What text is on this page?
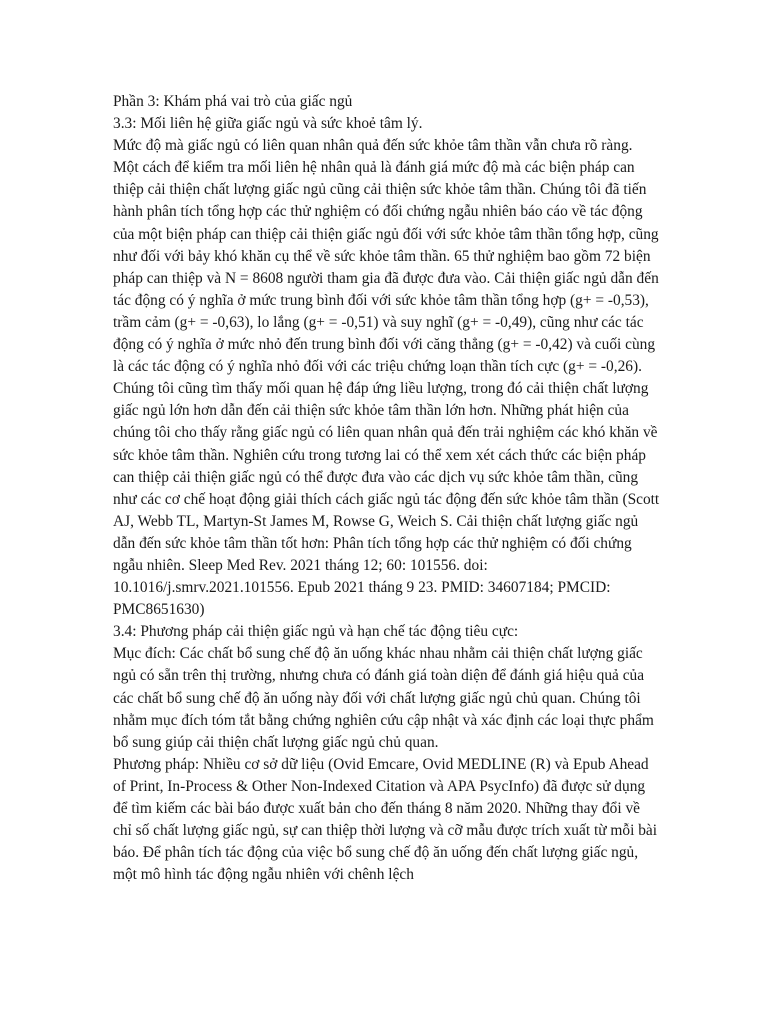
Phần 3: Khám phá vai trò của giấc ngủ

3.3: Mối liên hệ giữa giấc ngủ và sức khoẻ tâm lý.

Mức độ mà giấc ngủ có liên quan nhân quả đến sức khỏe tâm thần vẫn chưa rõ ràng. Một cách để kiểm tra mối liên hệ nhân quả là đánh giá mức độ mà các biện pháp can thiệp cải thiện chất lượng giấc ngủ cũng cải thiện sức khỏe tâm thần. Chúng tôi đã tiến hành phân tích tổng hợp các thử nghiệm có đối chứng ngẫu nhiên báo cáo về tác động của một biện pháp can thiệp cải thiện giấc ngủ đối với sức khỏe tâm thần tổng hợp, cũng như đối với bảy khó khăn cụ thể về sức khỏe tâm thần. 65 thử nghiệm bao gồm 72 biện pháp can thiệp và N = 8608 người tham gia đã được đưa vào. Cải thiện giấc ngủ dẫn đến tác động có ý nghĩa ở mức trung bình đối với sức khỏe tâm thần tổng hợp (g+ = -0,53), trầm cảm (g+ = -0,63), lo lắng (g+ = -0,51) và suy nghĩ (g+ = -0,49), cũng như các tác động có ý nghĩa ở mức nhỏ đến trung bình đối với căng thẳng (g+ = -0,42) và cuối cùng là các tác động có ý nghĩa nhỏ đối với các triệu chứng loạn thần tích cực (g+ = -0,26). Chúng tôi cũng tìm thấy mối quan hệ đáp ứng liều lượng, trong đó cải thiện chất lượng giấc ngủ lớn hơn dẫn đến cải thiện sức khỏe tâm thần lớn hơn. Những phát hiện của chúng tôi cho thấy rằng giấc ngủ có liên quan nhân quả đến trải nghiệm các khó khăn về sức khỏe tâm thần. Nghiên cứu trong tương lai có thể xem xét cách thức các biện pháp can thiệp cải thiện giấc ngủ có thể được đưa vào các dịch vụ sức khỏe tâm thần, cũng như các cơ chế hoạt động giải thích cách giấc ngủ tác động đến sức khỏe tâm thần (Scott AJ, Webb TL, Martyn-St James M, Rowse G, Weich S. Cải thiện chất lượng giấc ngủ dẫn đến sức khỏe tâm thần tốt hơn: Phân tích tổng hợp các thử nghiệm có đối chứng ngẫu nhiên. Sleep Med Rev. 2021 tháng 12; 60: 101556. doi: 10.1016/j.smrv.2021.101556. Epub 2021 tháng 9 23. PMID: 34607184; PMCID: PMC8651630)

3.4: Phương pháp cải thiện giấc ngủ và hạn chế tác động tiêu cực:

Mục đích: Các chất bổ sung chế độ ăn uống khác nhau nhằm cải thiện chất lượng giấc ngủ có sẵn trên thị trường, nhưng chưa có đánh giá toàn diện để đánh giá hiệu quả của các chất bổ sung chế độ ăn uống này đối với chất lượng giấc ngủ chủ quan. Chúng tôi nhằm mục đích tóm tắt bằng chứng nghiên cứu cập nhật và xác định các loại thực phẩm bổ sung giúp cải thiện chất lượng giấc ngủ chủ quan.

Phương pháp: Nhiều cơ sở dữ liệu (Ovid Emcare, Ovid MEDLINE (R) và Epub Ahead of Print, In-Process & Other Non-Indexed Citation và APA PsycInfo) đã được sử dụng để tìm kiếm các bài báo được xuất bản cho đến tháng 8 năm 2020. Những thay đổi về chỉ số chất lượng giấc ngủ, sự can thiệp thời lượng và cỡ mẫu được trích xuất từ mỗi bài báo. Để phân tích tác động của việc bổ sung chế độ ăn uống đến chất lượng giấc ngủ, một mô hình tác động ngẫu nhiên với chênh lệch
